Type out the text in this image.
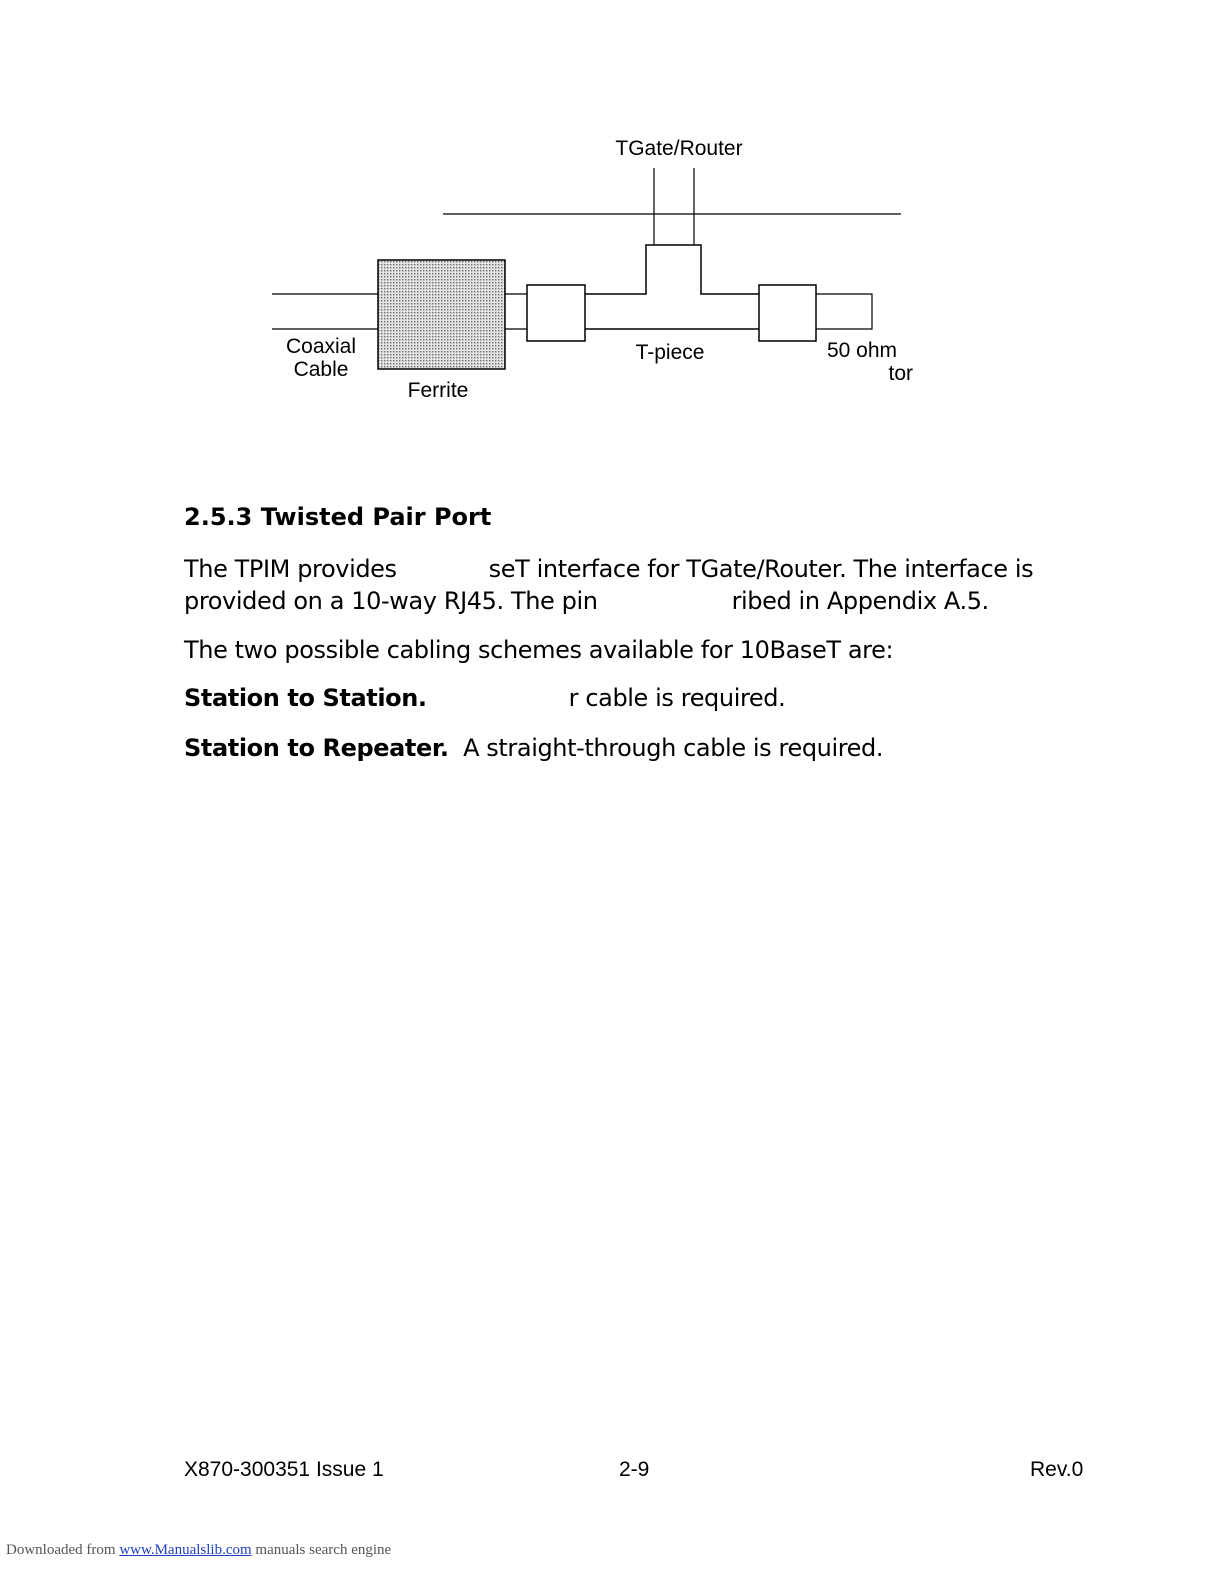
TGate/Router
Coaxial
Cable
Ferrite
T-piece	50 ohm
tor
2.5.3 Twisted Pair Port

The TPIM provides	seT interface for TGate/Router. The interface is
provided on a 10-way RJ45. The pin	ribed in Appendix A.5.

The two possible cabling schemes available for 10BaseT are:

Station to Station.	r cable is required.

Station to Repeater. A straight-through cable is required.

X870-300351 Issue 1	2-9	Rev.0
Downloaded from www.Manualslib.com manuals search engine
